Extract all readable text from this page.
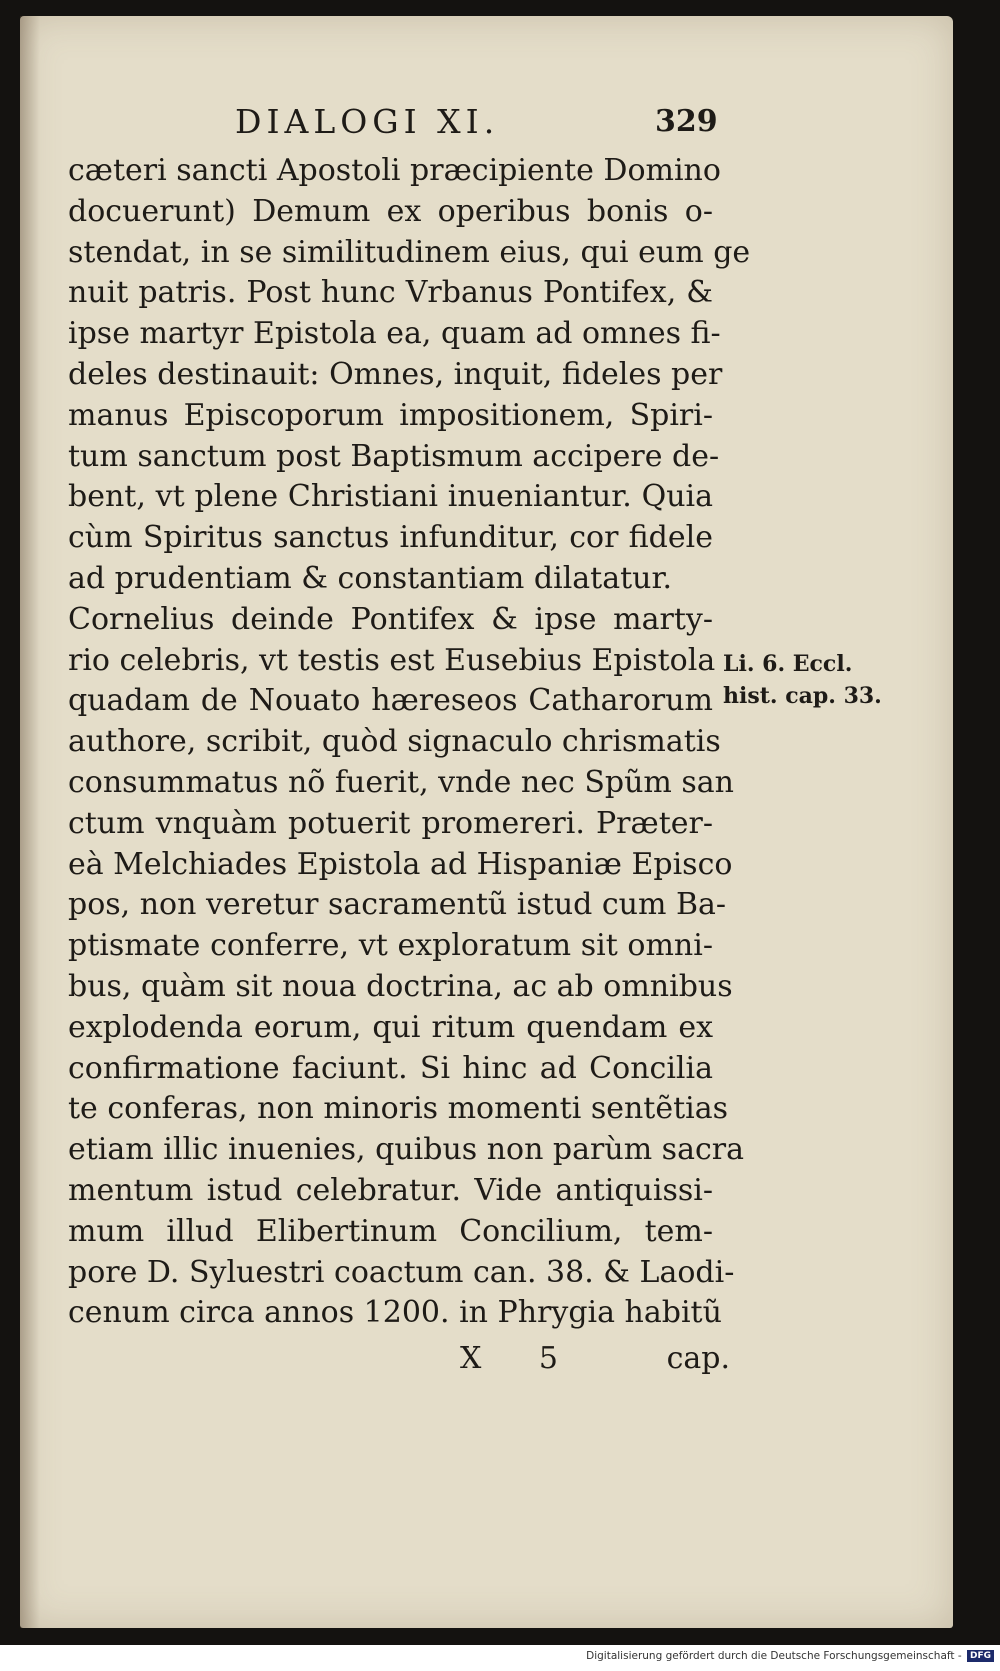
DIALOGI XI.	329
cæteri sancti Apostoli præcipiente Domino
docuerunt) Demum ex operibus bonis o-
stendat, in se similitudinem eius, qui eum ge
nuit patris. Post hunc Vrbanus Pontifex, &
ipse martyr Epistola ea, quam ad omnes fi-
deles destinauit: Omnes, inquit, fideles per
manus Episcoporum impositionem, Spiri-
tum sanctum post Baptismum accipere de-
bent, vt plene Christiani inueniantur. Quia
cùm Spiritus sanctus infunditur, cor fidele
ad prudentiam & constantiam dilatatur.
Cornelius deinde Pontifex & ipse marty-
rio celebris, vt testis est Eusebius Epistola
quadam de Nouato hæreseos Catharorum
authore, scribit, quòd signaculo chrismatis
consummatus nõ fuerit, vnde nec Spũm san
ctum vnquàm potuerit promereri. Præter-
eà Melchiades Epistola ad Hispaniæ Episco
pos, non veretur sacramentũ istud cum Ba-
ptismate conferre, vt exploratum sit omni-
bus, quàm sit noua doctrina, ac ab omnibus
explodenda eorum, qui ritum quendam ex
confirmatione faciunt. Si hinc ad Concilia
te conferas, non minoris momenti sentẽtias
etiam illic inuenies, quibus non parùm sacra
mentum istud celebratur. Vide antiquissi-
mum illud Elibertinum Concilium, tem-
pore D. Syluestri coactum can. 38. & Laodi-
cenum circa annos 1200. in Phrygia habitũ
Li. 6. Eccl.
hist. cap. 33.
X 5	cap.
Digitalisierung gefördert durch die Deutsche Forschungsgemeinschaft - DFG
